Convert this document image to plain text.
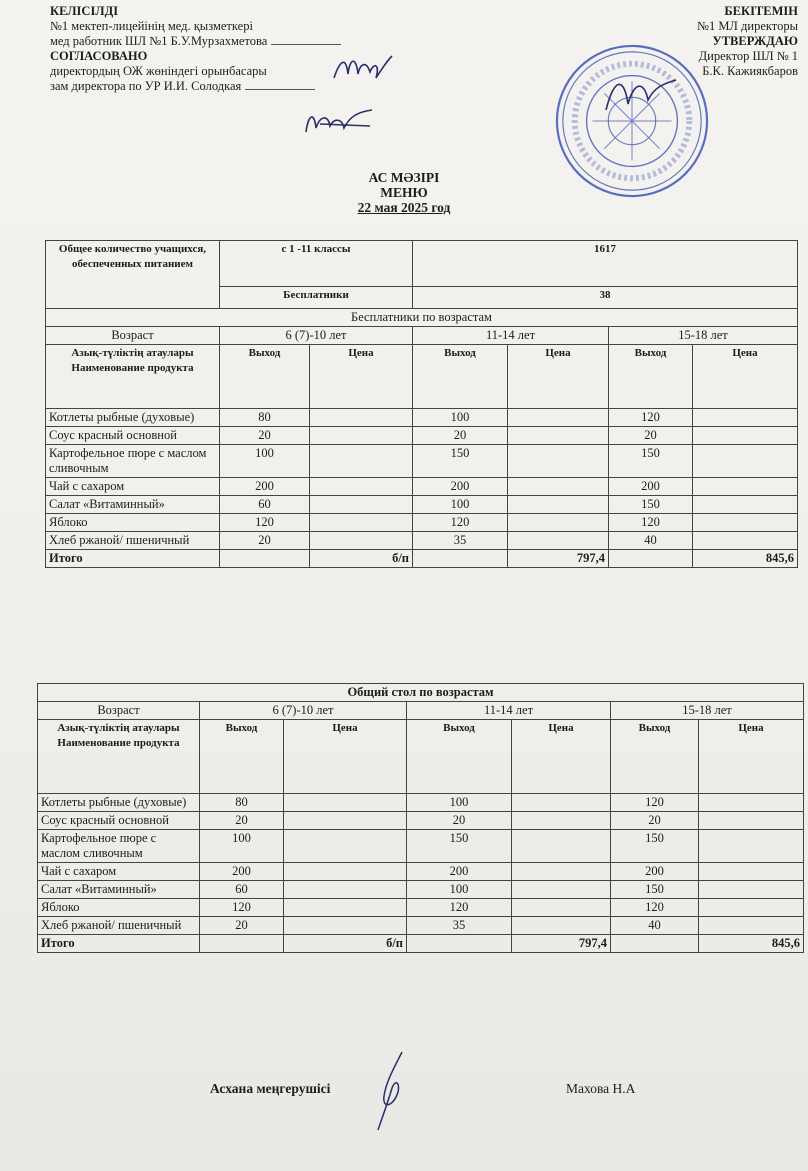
КЕЛІСІЛДІ
№1 мектеп-лицейінің мед. қызметкері
мед работник ШЛ №1 Б.У.Мурзахметова
СОГЛАСОВАНО
директордың ОЖ жөніндегі орынбасары
зам директора по УР И.И. Солодкая
БЕКІТЕМІН
№1 МЛ директоры
УТВЕРЖДАЮ
Директор ШЛ № 1
Б.К. Кажиякбаров
АС МӘЗІРІ
МЕНЮ
22 мая 2025 год
Общее количество учащихся, обеспеченных питанием	с 1 -11 классы		1617			
	Бесплатники		38			
Бесплатники по возрастам						
Возраст	6 (7)-10 лет		11-14 лет		15-18 лет	
Азық-түліктің атаулары Наименование продукта	Выход	Цена	Выход	Цена	Выход	Цена
Котлеты рыбные (духовые)	80		100		120	
Соус красный основной	20		20		20	
Картофельное пюре с маслом сливочным	100		150		150	
Чай с сахаром	200		200		200	
Салат «Витаминный»	60		100		150	
Яблоко	120		120		120	
Хлеб ржаной/ пшеничный	20		35		40	
Итого		б/п		797,4		845,6
Общий стол по возрастам						
Возраст	6 (7)-10 лет		11-14 лет		15-18 лет	
Азық-түліктің атаулары Наименование продукта	Выход	Цена	Выход	Цена	Выход	Цена
Котлеты рыбные (духовые)	80		100		120	
Соус красный основной	20		20		20	
Картофельное пюре с маслом сливочным	100		150		150	
Чай с сахаром	200		200		200	
Салат «Витаминный»	60		100		150	
Яблоко	120		120		120	
Хлеб ржаной/ пшеничный	20		35		40	
Итого		б/п		797,4		845,6
Асхана меңгерушісі	Махова Н.А
